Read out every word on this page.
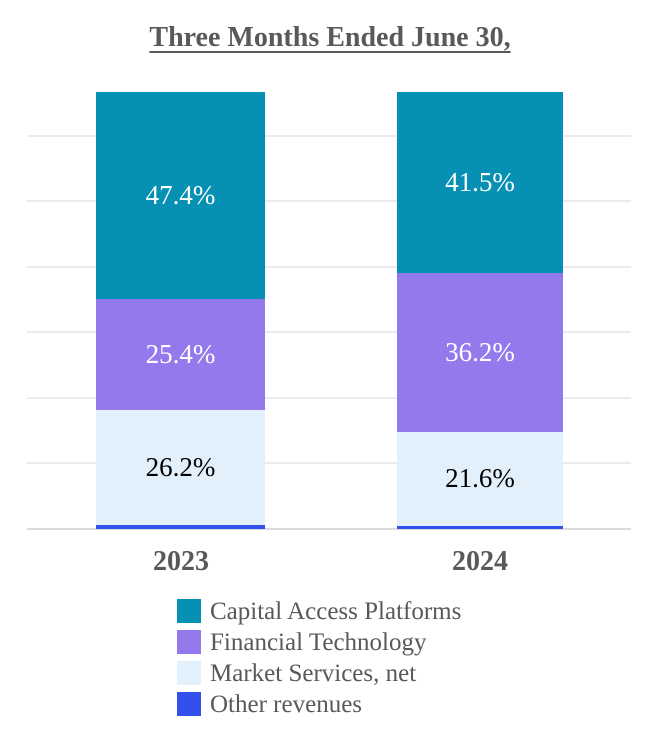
Three Months Ended June 30,
47.4%
25.4%
26.2%
41.5%
36.2%
21.6%
2023	2024
Capital Access Platforms
Financial Technology
Market Services, net
Other revenues
